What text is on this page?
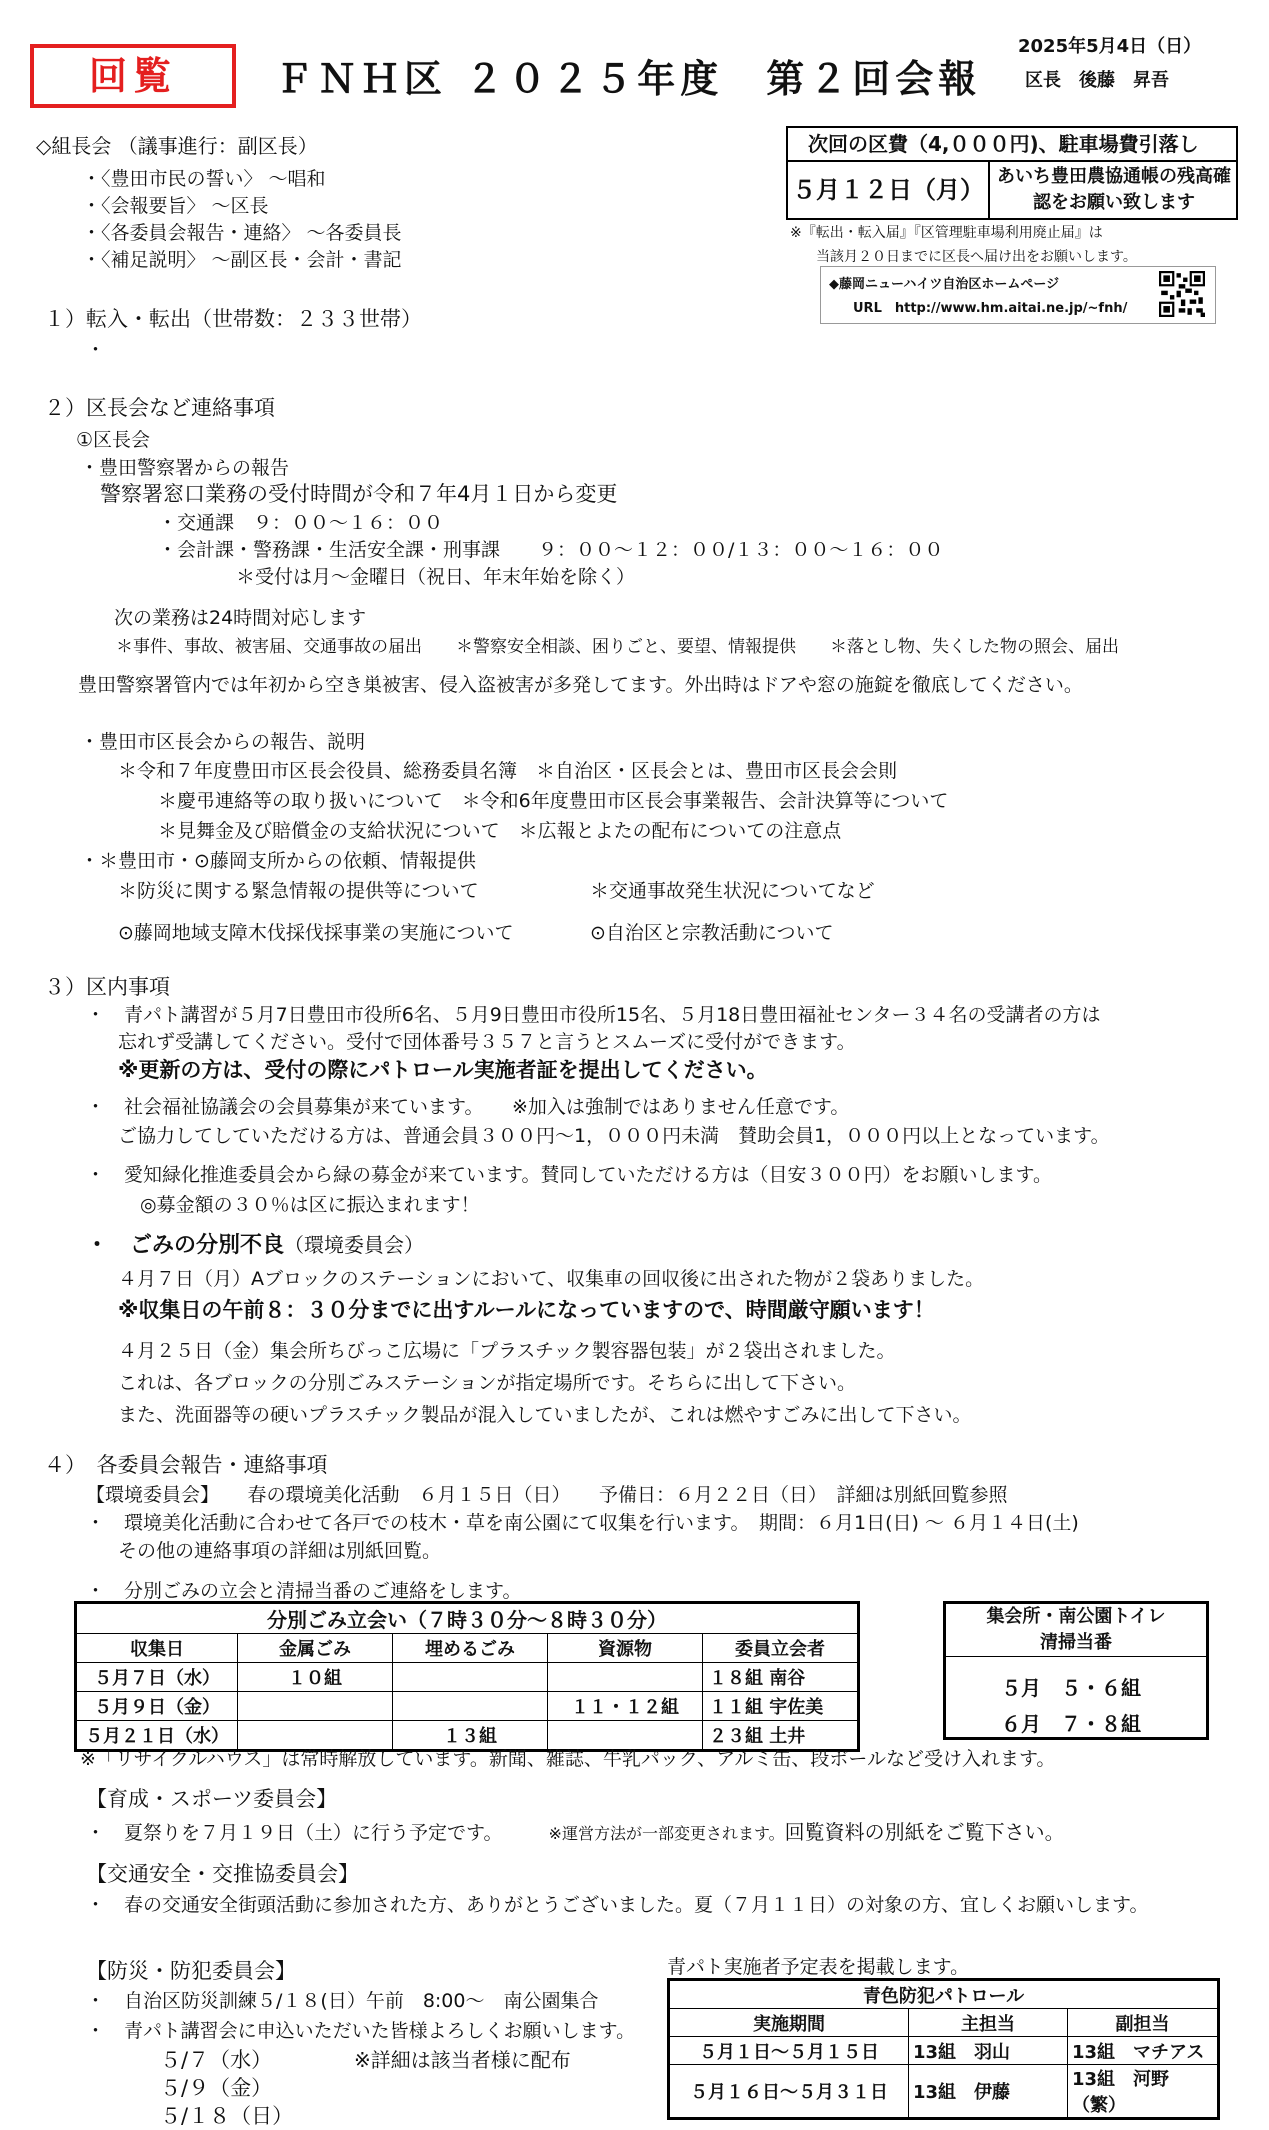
回覧	ＦＮＨ区 ２０２５年度　第２回会報
2025年5月4日（日）
区長　後藤　昇吾
次回の区費（4,０００円)、駐車場費引落し
５月１２日（月） あいち豊田農協通帳の残高確
認をお願い致します
※『転出・転入届』『区管理駐車場利用廃止届』は
当該月２０日までに区長へ届け出をお願いします。
◆藤岡ニューハイツ自治区ホームページ
URL　http://www.hm.aitai.ne.jp/~fnh/
◇組長会 （議事進行：副区長）
・〈豊田市民の誓い〉 ～唱和
・〈会報要旨〉 ～区長
・〈各委員会報告・連絡〉 ～各委員長
・〈補足説明〉 ～副区長・会計・書記
１）転入・転出（世帯数：２３３世帯）
・
２）区長会など連絡事項
①区長会
・豊田警察署からの報告
警察署窓口業務の受付時間が令和７年4月１日から変更
・交通課　９：００～１６：００
・会計課・警務課・生活安全課・刑事課　　９：００～１２：００/１３：００～１６：００
＊受付は月～金曜日（祝日、年末年始を除く）
次の業務は24時間対応します
＊事件、事故、被害届、交通事故の届出　　＊警察安全相談、困りごと、要望、情報提供　　＊落とし物、失くした物の照会、届出
豊田警察署管内では年初から空き巣被害、侵入盗被害が多発してます。外出時はドアや窓の施錠を徹底してください。
・豊田市区長会からの報告、説明
＊令和７年度豊田市区長会役員、総務委員名簿　＊自治区・区長会とは、豊田市区長会会則
＊慶弔連絡等の取り扱いについて　＊令和6年度豊田市区長会事業報告、会計決算等について
＊見舞金及び賠償金の支給状況について　＊広報とよたの配布についての注意点
・＊豊田市・⊙藤岡支所からの依頼、情報提供
＊防災に関する緊急情報の提供等について	＊交通事故発生状況についてなど
⊙藤岡地域支障木伐採伐採事業の実施について	⊙自治区と宗教活動について
３）区内事項
・　青パト講習が５月7日豊田市役所6名、５月9日豊田市役所15名、５月18日豊田福祉センター３４名の受講者の方は
忘れず受講してください。受付で団体番号３５７と言うとスムーズに受付ができます。
※更新の方は、受付の際にパトロール実施者証を提出してください。
・　社会福祉協議会の会員募集が来ています。　　※加入は強制ではありません任意です。
ご協力してしていただける方は、普通会員３００円～1，０００円未満　賛助会員1，０００円以上となっています。
・　愛知緑化推進委員会から緑の募金が来ています。賛同していただける方は（目安３００円）をお願いします。
◎募金額の３０％は区に振込まれます！
・　ごみの分別不良（環境委員会）
４月７日（月）Aブロックのステーションにおいて、収集車の回収後に出された物が２袋ありました。
※収集日の午前８：３０分までに出すルールになっていますので、時間厳守願います！
４月２５日（金）集会所ちびっこ広場に「プラスチック製容器包装」が２袋出されました。
これは、各ブロックの分別ごみステーションが指定場所です。そちらに出して下さい。
また、洗面器等の硬いプラスチック製品が混入していましたが、これは燃やすごみに出して下さい。
４）　各委員会報告・連絡事項
【環境委員会】　　春の環境美化活動　６月１５日（日）　　予備日：６月２２日（日）　詳細は別紙回覧参照
・　環境美化活動に合わせて各戸での枝木・草を南公園にて収集を行います。　期間：６月1日(日) ～ ６月１４日(土)
その他の連絡事項の詳細は別紙回覧。
・　分別ごみの立会と清掃当番のご連絡をします。
分別ごみ立会い（７時３０分～８時３０分）				
収集日	金属ごみ	埋めるごみ	資源物	委員立会者
５月７日（水）	１０組			１８組 南谷
５月９日（金）			１１・１２組	１１組 宇佐美
５月２１日（水）		１３組		２３組 土井
集会所・南公園トイレ
清掃当番
５月　５・６組
６月　７・８組
※「リサイクルハウス」は常時解放しています。新聞、雑誌、牛乳パック、アルミ缶、段ボールなど受け入れます。
【育成・スポーツ委員会】
・　夏祭りを７月１９日（土）に行う予定です。	※運営方法が一部変更されます。回覧資料の別紙をご覧下さい。
【交通安全・交推協委員会】
・　春の交通安全街頭活動に参加された方、ありがとうございました。夏（７月１１日）の対象の方、宜しくお願いします。
【防災・防犯委員会】
・　自治区防災訓練５/１８(日）午前　8:00～　南公園集合
・　青パト講習会に申込いただいた皆様よろしくお願いします。
５/７（水）	※詳細は該当者様に配布
５/９（金）
５/１８（日）
青パト実施者予定表を掲載します。
青色防犯パトロール		
実施期間	主担当	副担当
５月１日～５月１５日	13組　羽山	13組　マチアス
５月１６日～５月３１日	13組　伊藤	13組　河野（繁）
